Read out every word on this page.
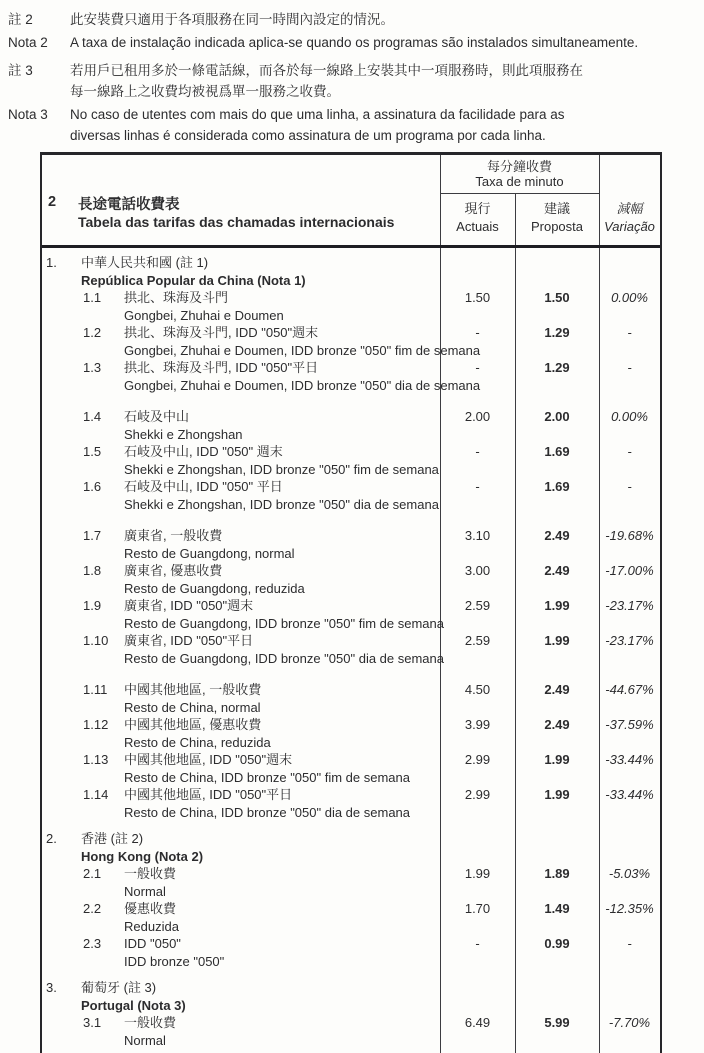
註 2	此安裝費只適用于各項服務在同一時間內設定的情況。
Nota 2	A taxa de instalação indicada aplica-se quando os programas são instalados simultaneamente.
註 3	若用戶已租用多於一條電話線，而各於每一線路上安裝其中一項服務時，則此項服務在
每一線路上之收費均被視爲單一服務之收費。
Nota 3	No caso de utentes com mais do que uma linha, a assinatura da facilidade para as
diversas linhas é considerada como assinatura de um programa por cada linha.
2 長途電話收費表
Tabela das tarifas das chamadas internacionais
每分鐘收費
Taxa de minuto
現行	建議	減幅
Actuais	Proposta	Variação
1.	中華人民共和國 (註 1)
República Popular da China (Nota 1)
1.1	拱北、珠海及斗門	1.50	1.50	0.00%
Gongbei, Zhuhai e Doumen
1.2	拱北、珠海及斗門, IDD "050"週末	-	1.29	-
Gongbei, Zhuhai e Doumen, IDD bronze "050" fim de semana
1.3	拱北、珠海及斗門, IDD "050"平日	-	1.29	-
Gongbei, Zhuhai e Doumen, IDD bronze "050" dia de semana
1.4	石岐及中山	2.00	2.00	0.00%
Shekki e Zhongshan
1.5	石岐及中山, IDD "050" 週末	-	1.69	-
Shekki e Zhongshan, IDD bronze "050" fim de semana
1.6	石岐及中山, IDD "050" 平日	-	1.69	-
Shekki e Zhongshan, IDD bronze "050" dia de semana
1.7	廣東省, 一般收費	3.10	2.49	-19.68%
Resto de Guangdong, normal
1.8	廣東省, 優惠收費	3.00	2.49	-17.00%
Resto de Guangdong, reduzida
1.9	廣東省, IDD "050"週末	2.59	1.99	-23.17%
Resto de Guangdong, IDD bronze "050" fim de semana
1.10	廣東省, IDD "050"平日	2.59	1.99	-23.17%
Resto de Guangdong, IDD bronze "050" dia de semana
1.11	中國其他地區, 一般收費	4.50	2.49	-44.67%
Resto de China, normal
1.12	中國其他地區, 優惠收費	3.99	2.49	-37.59%
Resto de China, reduzida
1.13	中國其他地區, IDD "050"週末	2.99	1.99	-33.44%
Resto de China, IDD bronze "050" fim de semana
1.14	中國其他地區, IDD "050"平日	2.99	1.99	-33.44%
Resto de China, IDD bronze "050" dia de semana
2.	香港 (註 2)
Hong Kong (Nota 2)
2.1	一般收費	1.99	1.89	-5.03%
Normal
2.2	優惠收費	1.70	1.49	-12.35%
Reduzida
2.3	IDD "050"	-	0.99	-
IDD bronze "050"
3.	葡萄牙 (註 3)
Portugal (Nota 3)
3.1	一般收費	6.49	5.99	-7.70%
Normal
